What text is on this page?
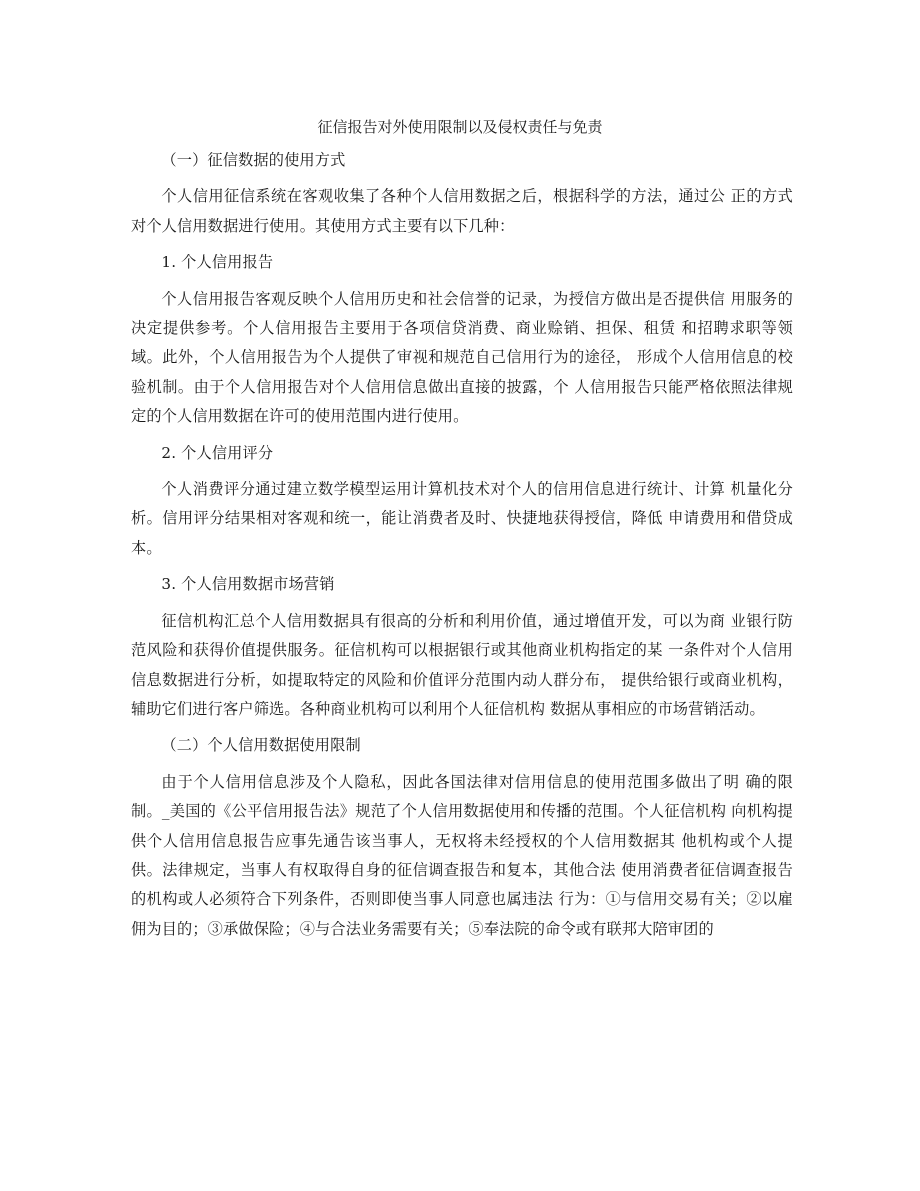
征信报告对外使用限制以及侵权责任与免责

（一）征信数据的使用方式

个人信用征信系统在客观收集了各种个人信用数据之后，根据科学的方法，通过公 正的方式对个人信用数据进行使用。其使用方式主要有以下几种：

1. 个人信用报告

个人信用报告客观反映个人信用历史和社会信誉的记录，为授信方做出是否提供信 用服务的决定提供参考。个人信用报告主要用于各项信贷消费、商业赊销、担保、租赁 和招聘求职等领域。此外，个人信用报告为个人提供了审视和规范自己信用行为的途径， 形成个人信用信息的校验机制。由于个人信用报告对个人信用信息做出直接的披露，个 人信用报告只能严格依照法律规定的个人信用数据在许可的使用范围内进行使用。

2. 个人信用评分

个人消费评分通过建立数学模型运用计算机技术对个人的信用信息进行统计、计算 机量化分析。信用评分结果相对客观和统一，能让消费者及时、快捷地获得授信，降低 申请费用和借贷成本。

3. 个人信用数据市场营销

征信机构汇总个人信用数据具有很高的分析和利用价值，通过增值开发，可以为商 业银行防范风险和获得价值提供服务。征信机构可以根据银行或其他商业机构指定的某 一条件对个人信用信息数据进行分析，如提取特定的风险和价值评分范围内动人群分布， 提供给银行或商业机构，辅助它们进行客户筛选。各种商业机构可以利用个人征信机构 数据从事相应的市场营销活动。

（二）个人信用数据使用限制

由于个人信用信息涉及个人隐私，因此各国法律对信用信息的使用范围多做出了明 确的限制。_美国的《公平信用报告法》规范了个人信用数据使用和传播的范围。个人征信机构 向机构提供个人信用信息报告应事先通告该当事人，无权将未经授权的个人信用数据其 他机构或个人提供。法律规定，当事人有权取得自身的征信调查报告和复本，其他合法 使用消费者征信调查报告的机构或人必须符合下列条件，否则即使当事人同意也属违法 行为：①与信用交易有关；②以雇佣为目的；③承做保险；④与合法业务需要有关；⑤奉法院的命令或有联邦大陪审团的
